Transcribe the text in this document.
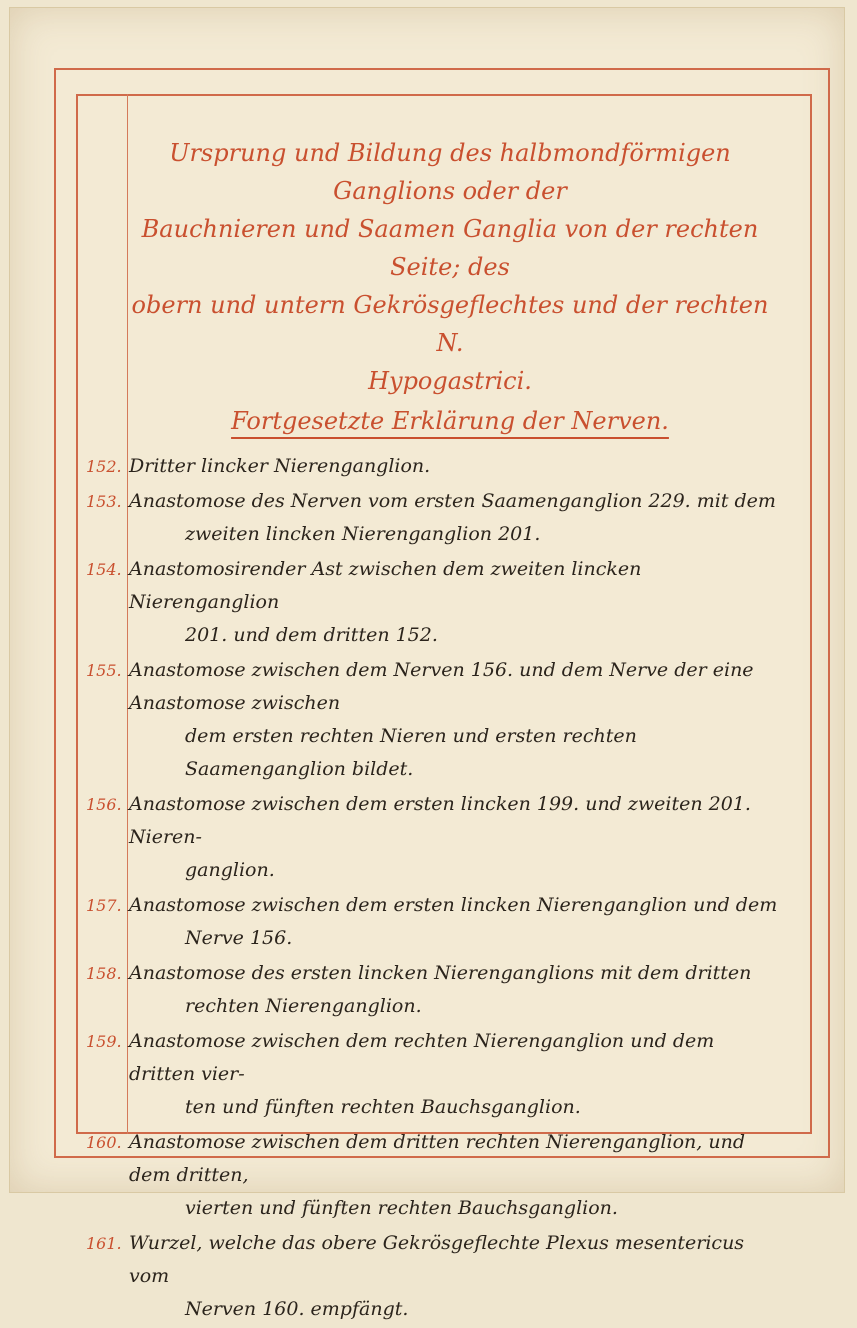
Ursprung und Bildung des halbmondförmigen Ganglions oder der
Bauchnieren und Saamen Ganglia von der rechten Seite; des
obern und untern Gekrösgeflechtes und der rechten N.
Hypogastrici.
Fortgesetzte Erklärung der Nerven.
152. Dritter lincker Nierenganglion.
153. Anastomose des Nerven vom ersten Saamenganglion 229. mit dem
zweiten lincken Nierenganglion 201.
154. Anastomosirender Ast zwischen dem zweiten lincken Nierenganglion
201. und dem dritten 152.
155. Anastomose zwischen dem Nerven 156. und dem Nerve der eine Anastomose zwischen
dem ersten rechten Nieren und ersten rechten Saamenganglion bildet.
156. Anastomose zwischen dem ersten lincken 199. und zweiten 201. Nieren-
ganglion.
157. Anastomose zwischen dem ersten lincken Nierenganglion und dem
Nerve 156.
158. Anastomose des ersten lincken Nierenganglions mit dem dritten
rechten Nierenganglion.
159. Anastomose zwischen dem rechten Nierenganglion und dem dritten vier-
ten und fünften rechten Bauchsganglion.
160. Anastomose zwischen dem dritten rechten Nierenganglion, und dem dritten,
vierten und fünften rechten Bauchsganglion.
161. Wurzel, welche das obere Gekrösgeflechte Plexus mesentericus vom
Nerven 160. empfängt.
